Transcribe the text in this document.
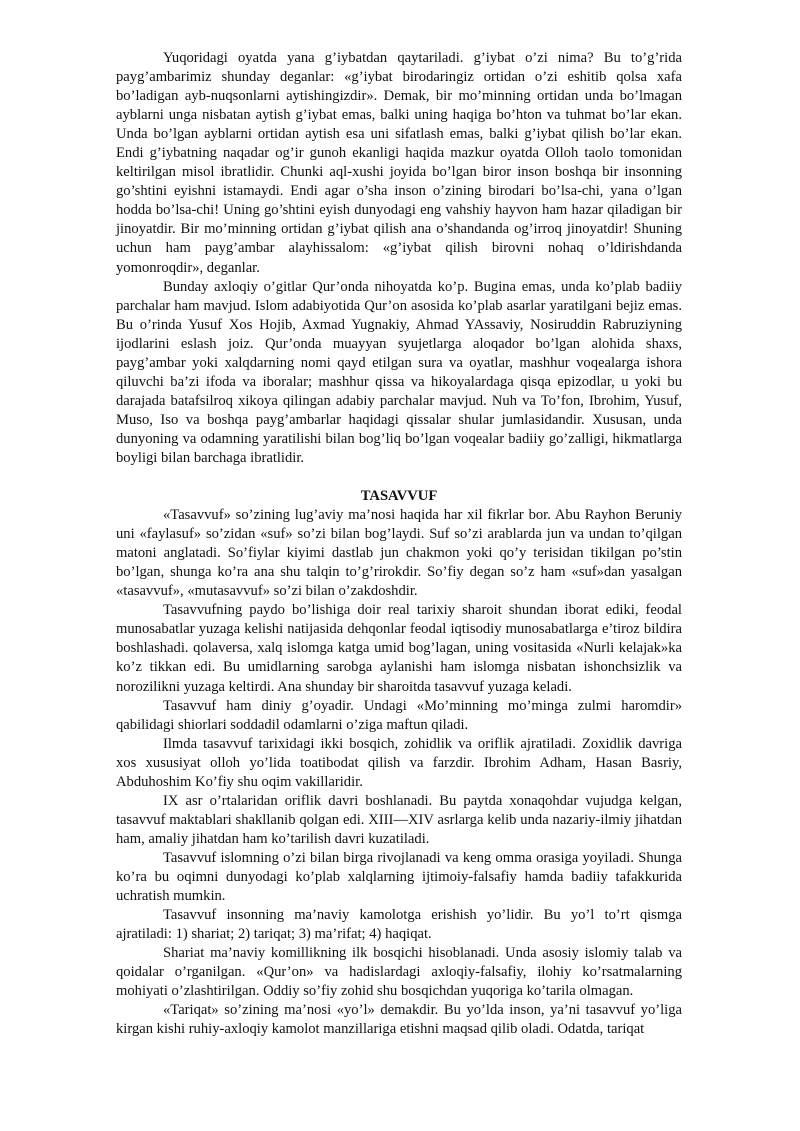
Yuqoridagi oyatda yana g’iybatdan qaytariladi. g’iybat o’zi nima? Bu to’g’rida payg’ambarimiz shunday deganlar: «g’iybat birodaringiz ortidan o’zi eshitib qolsa xafa bo’ladigan ayb-nuqsonlarni aytishingizdir». Demak, bir mo’minning ortidan unda bo’lmagan ayblarni unga nisbatan aytish g’iybat emas, balki uning haqiga bo’hton va tuhmat bo’lar ekan. Unda bo’lgan ayblarni ortidan aytish esa uni sifatlash emas, balki g’iybat qilish bo’lar ekan. Endi g’iybatning naqadar og’ir gunoh ekanligi haqida mazkur oyatda Olloh taolo tomonidan keltirilgan misol ibratlidir. Chunki aql-xushi joyida bo’lgan biror inson boshqa bir insonning go’shtini eyishni istamaydi. Endi agar o’sha inson o’zining birodari bo’lsa-chi, yana o’lgan hodda bo’lsa-chi! Uning go’shtini eyish dunyodagi eng vahshiy hayvon ham hazar qiladigan bir jinoyatdir. Bir mo’minning ortidan g’iybat qilish ana o’shandanda og’irroq jinoyatdir! Shuning uchun ham payg’ambar alayhissalom: «g’iybat qilish birovni nohaq o’ldirishdanda yomonroqdir», deganlar.

Bunday axloqiy o’gitlar Qur’onda nihoyatda ko’p. Bugina emas, unda ko’plab badiiy parchalar ham mavjud. Islom adabiyotida Qur’on asosida ko’plab asarlar yaratilgani bejiz emas. Bu o’rinda Yusuf Xos Hojib, Axmad Yugnakiy, Ahmad YAssaviy, Nosiruddin Rabruziyning ijodlarini eslash joiz. Qur’onda muayyan syujetlarga aloqador bo’lgan alohida shaxs, payg’ambar yoki xalqdarning nomi qayd etilgan sura va oyatlar, mashhur voqealarga ishora qiluvchi ba’zi ifoda va iboralar; mashhur qissa va hikoyalardaga qisqa epizodlar, u yoki bu darajada batafsilroq xikoya qilingan adabiy parchalar mavjud. Nuh va To’fon, Ibrohim, Yusuf, Muso, Iso va boshqa payg’ambarlar haqidagi qissalar shular jumlasidandir. Xususan, unda dunyoning va odamning yaratilishi bilan bog’liq bo’lgan voqealar badiiy go’zalligi, hikmatlarga boyligi bilan barchaga ibratlidir.

TASAVVUF

«Tasavvuf» so’zining lug’aviy ma’nosi haqida har xil fikrlar bor. Abu Rayhon Beruniy uni «faylasuf» so’zidan «suf» so’zi bilan bog’laydi. Suf so’zi arablarda jun va undan to’qilgan matoni anglatadi. So’fiylar kiyimi dastlab jun chakmon yoki qo’y terisidan tikilgan po’stin bo’lgan, shunga ko’ra ana shu talqin to’g’rirokdir. So’fiy degan so’z ham «suf»dan yasalgan «tasavvuf», «mutasavvuf» so’zi bilan o’zakdoshdir.

Tasavvufning paydo bo’lishiga doir real tarixiy sharoit shundan iborat ediki, feodal munosabatlar yuzaga kelishi natijasida dehqonlar feodal iqtisodiy munosabatlarga e’tiroz bildira boshlashadi. qolaversa, xalq islomga katga umid bog’lagan, uning vositasida «Nurli kelajak»ka ko’z tikkan edi. Bu umidlarning sarobga aylanishi ham islomga nisbatan ishonchsizlik va norozilikni yuzaga keltirdi. Ana shunday bir sharoitda tasavvuf yuzaga keladi.

Tasavvuf ham diniy g’oyadir. Undagi «Mo’minning mo’minga zulmi haromdir» qabilidagi shiorlari soddadil odamlarni o’ziga maftun qiladi.

Ilmda tasavvuf tarixidagi ikki bosqich, zohidlik va oriflik ajratiladi. Zoxidlik davriga xos xususiyat olloh yo’lida toatibodat qilish va farzdir. Ibrohim Adham, Hasan Basriy, Abduhoshim Ko’fiy shu oqim vakillaridir.

IX asr o’rtalaridan oriflik davri boshlanadi. Bu paytda xonaqohdar vujudga kelgan, tasavvuf maktablari shakllanib qolgan edi. XIII—XIV asrlarga kelib unda nazariy-ilmiy jihatdan ham, amaliy jihatdan ham ko’tarilish davri kuzatiladi.

Tasavvuf islomning o’zi bilan birga rivojlanadi va keng omma orasiga yoyiladi. Shunga ko’ra bu oqimni dunyodagi ko’plab xalqlarning ijtimoiy-falsafiy hamda badiiy tafakkurida uchratish mumkin.

Tasavvuf insonning ma’naviy kamolotga erishish yo’lidir. Bu yo’l to’rt qismga ajratiladi: 1) shariat; 2) tariqat; 3) ma’rifat; 4) haqiqat.

Shariat ma’naviy komillikning ilk bosqichi hisoblanadi. Unda asosiy islomiy talab va qoidalar o’rganilgan. «Qur’on» va hadislardagi axloqiy-falsafiy, ilohiy ko’rsatmalarning mohiyati o’zlashtirilgan. Oddiy so’fiy zohid shu bosqichdan yuqoriga ko’tarila olmagan.

«Tariqat» so’zining ma’nosi «yo’l» demakdir. Bu yo’lda inson, ya’ni tasavvuf yo’liga kirgan kishi ruhiy-axloqiy kamolot manzillariga etishni maqsad qilib oladi. Odatda, tariqat
